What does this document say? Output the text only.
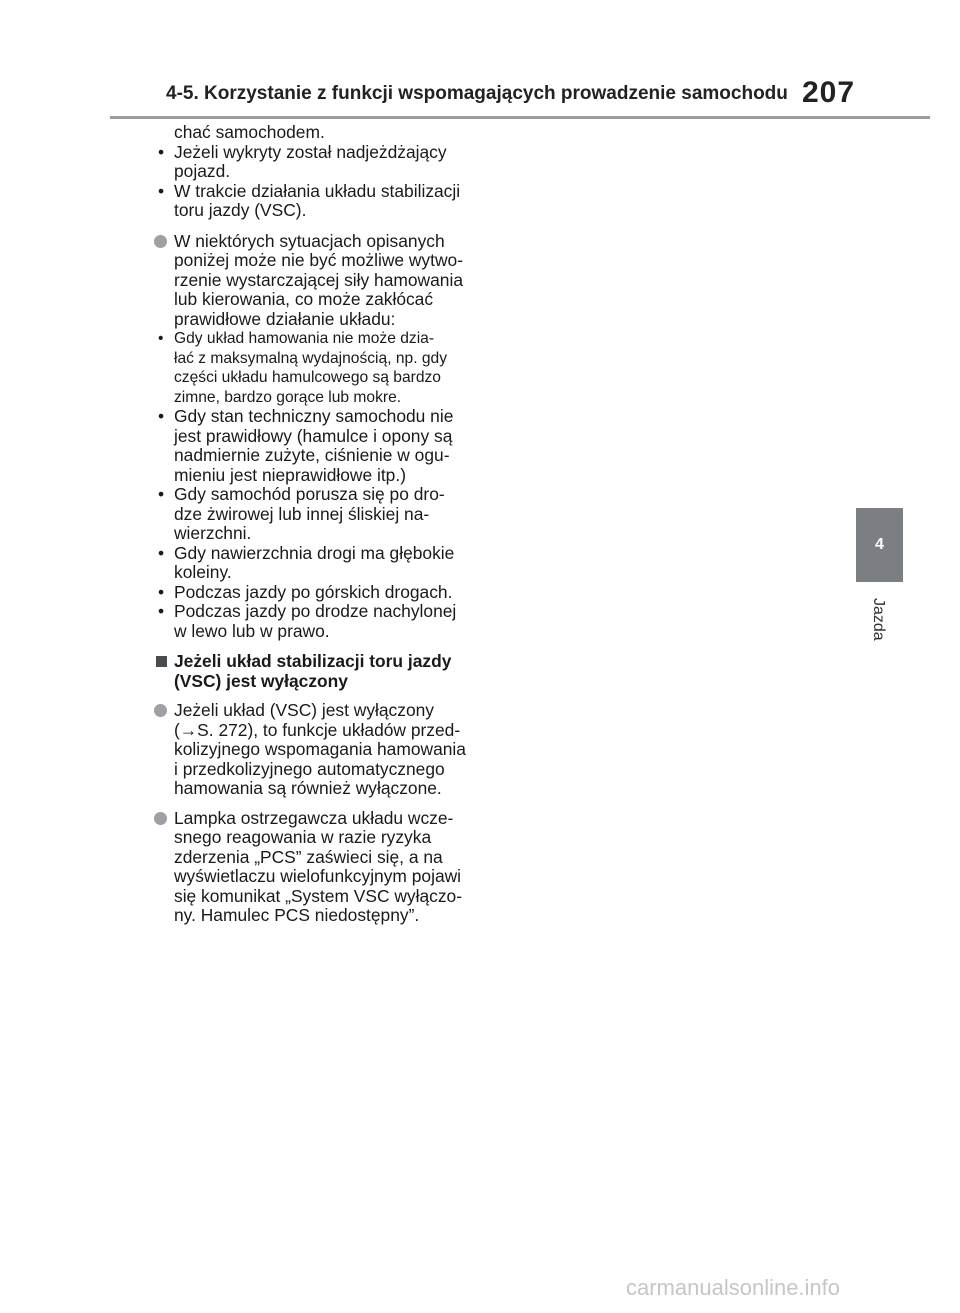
4-5. Korzystanie z funkcji wspomagających prowadzenie samochodu 207
4
Jazda
chać samochodem.
• Jeżeli wykryty został nadjeżdżający
pojazd.
• W trakcie działania układu stabilizacji
toru jazdy (VSC).
W niektórych sytuacjach opisanych
poniżej może nie być możliwe wytwo-
rzenie wystarczającej siły hamowania
lub kierowania, co może zakłócać
prawidłowe działanie układu:
• Gdy układ hamowania nie może dzia-
łać z maksymalną wydajnością, np. gdy
części układu hamulcowego są bardzo
zimne, bardzo gorące lub mokre.
• Gdy stan techniczny samochodu nie
jest prawidłowy (hamulce i opony są
nadmiernie zużyte, ciśnienie w ogu-
mieniu jest nieprawidłowe itp.)
• Gdy samochód porusza się po dro-
dze żwirowej lub innej śliskiej na-
wierzchni.
• Gdy nawierzchnia drogi ma głębokie
koleiny.
• Podczas jazdy po górskich drogach.
• Podczas jazdy po drodze nachylonej
w lewo lub w prawo.
Jeżeli układ stabilizacji toru jazdy
(VSC) jest wyłączony
Jeżeli układ (VSC) jest wyłączony
(→S. 272), to funkcje układów przed-
kolizyjnego wspomagania hamowania
i przedkolizyjnego automatycznego
hamowania są również wyłączone.
Lampka ostrzegawcza układu wcze-
snego reagowania w razie ryzyka
zderzenia „PCS” zaświeci się, a na
wyświetlaczu wielofunkcyjnym pojawi
się komunikat „System VSC wyłączo-
ny. Hamulec PCS niedostępny”.
carmanualsonline.info
